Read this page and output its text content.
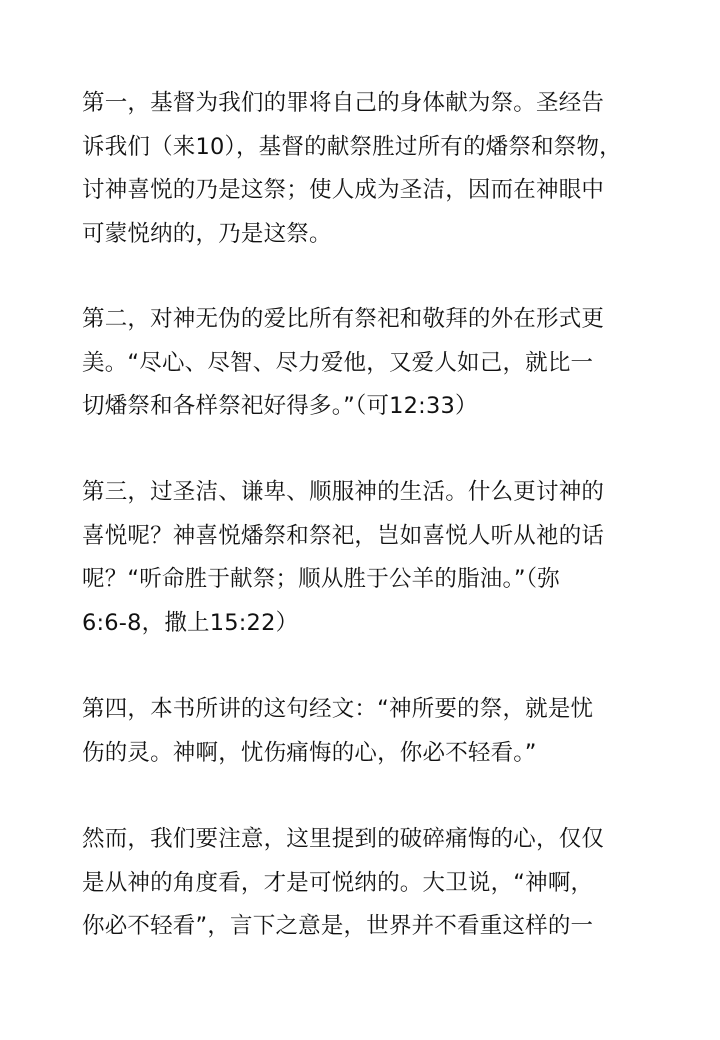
第一，基督为我们的罪将自己的身体献为祭。圣经告
诉我们（来10），基督的献祭胜过所有的燔祭和祭物，
讨神喜悦的乃是这祭；使人成为圣洁，因而在神眼中
可蒙悦纳的，乃是这祭。

第二，对神无伪的爱比所有祭祀和敬拜的外在形式更
美。“尽心、尽智、尽力爱他，又爱人如己，就比一
切燔祭和各样祭祀好得多。”（可12:33）

第三，过圣洁、谦卑、顺服神的生活。什么更讨神的
喜悦呢？神喜悦燔祭和祭祀，岂如喜悦人听从祂的话
呢？“听命胜于献祭；顺从胜于公羊的脂油。”（弥
6:6-8，撒上15:22）

第四，本书所讲的这句经文：“神所要的祭，就是忧
伤的灵。神啊，忧伤痛悔的心，你必不轻看。”

然而，我们要注意，这里提到的破碎痛悔的心，仅仅
是从神的角度看，才是可悦纳的。大卫说，“神啊，
你必不轻看”，言下之意是，世界并不看重这样的一
